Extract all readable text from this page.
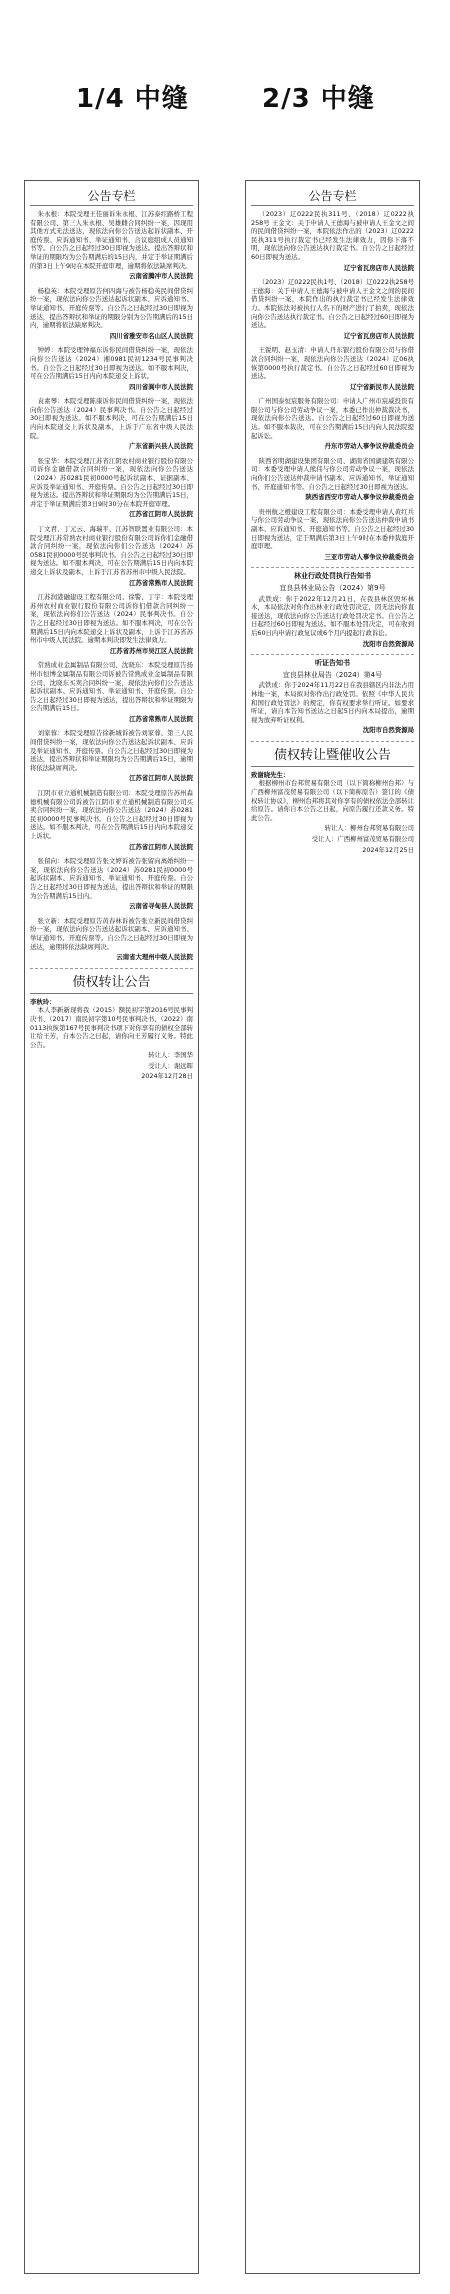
1/4 中缝	2/3 中缝
公告专栏

朱永根：本院受理王佳丽诉朱永根、江苏泰红路桥工程有限公司、第三人朱永根、吴雄雌合同纠纷一案，因现用其他方式无法送达，现依法向你公告送达起诉状副本、开庭传票、应诉通知书、举证通知书、合议庭组成人员通知书等。自公告之日起经过30日即视为送达。提出答辩状和举证的期限均为公告期满后的15日内，并定于举证期满后的第3日上午9时在本院开庭审理，逾期将依法缺席判决。

云南省腾冲市人民法院

杨稳英：本院受理原告何四海与被告杨稳英民间借贷纠纷一案，现依法向你公告送达起诉状副本、应诉通知书、举证通知书、开庭传票等。自公告之日起经过30日即视为送达，提出答辩状和举证的期限分别为公告期满后的15日内，逾期将依法缺席判决。

四川省雅安市名山区人民法院

钟婷：本院受理钟福东诉你民间借贷纠纷一案，现依法向你公告送达（2024）湘0981民初1234号民事判决书。自公告之日起经过30日即视为送达。如不服本判决，可在公告期满后15日内向本院递交上诉状。

四川省阆中市人民法院

袁素琴：本院受理陈康诉你民间借贷纠纷一案，现依法向你公告送达（2024）民事判决书。自公告之日起经过30日即视为送达。如不服本判决，可在公告期满后15日内向本院递交上诉状及副本，上诉于广东省中级人民法院。

广东省新兴县人民法院

张宝华：本院受理江苏省江阴农村商业银行股份有限公司诉你金融借款合同纠纷一案，现依法向你公告送达（2024）苏0281民初0000号起诉状副本、证据副本、应诉及举证通知书、开庭传票。自公告之日起经过30日即视为送达。提出答辩状和举证期限均为公告期满后15日，并定于举证期满后第3日9时30分在本院开庭审理。

江苏省江阴市人民法院

丁文君、丁元云、海瑞平、江苏智联置业有限公司：本院受理江苏常熟农村商业银行股份有限公司诉你们金融借款合同纠纷一案，现依法向你们公告送达（2024）苏0581民初0000号民事判决书。自公告之日起经过30日即视为送达。如不服本判决，可在公告期满后15日内向本院递交上诉状及副本，上诉于江苏省苏州市中级人民法院。

江苏省常熟市人民法院

江苏润港融建设工程有限公司、徐警、丁宇：本院受理苏州农村商业银行股份有限公司诉你们借款合同纠纷一案，现依法向你们公告送达（2024）民事判决书。自公告之日起经过30日即视为送达。如不服本判决，可在公告期满后15日内向本院递交上诉状及副本，上诉于江苏省苏州市中级人民法院。逾期本判决即发生法律效力。

江苏省苏州市吴江区人民法院

常熟成业金属制品有限公司、沈晓东：本院受理原告扬州市恒博金属制品有限公司诉被告常熟成业金属制品有限公司、沈晓东买卖合同纠纷一案，现依法向你们公告送达起诉状副本、应诉通知书、举证通知书、开庭传票。自公告之日起经过30日即视为送达，提出答辩状和举证期限为公告期满后15日。

江苏省常熟市人民法院

刘家蓉：本院受理原告徐新城诉被告刘家蓉、第三人民间借贷纠纷一案，现依法向你公告送达起诉状副本、应诉及举证通知书、开庭传票。自公告之日起经过30日即视为送达，提出答辩状和举证期限均为公告期满后15日，逾期将依法缺席判决。

江苏省江阴市人民法院

江阴市亚立通机械制造有限公司：本院受理原告苏州森德机械有限公司诉被告江阴市亚立通机械制造有限公司买卖合同纠纷一案，现依法向你公告送达（2024）苏0281民初0000号民事判决书。自公告之日起经过30日即视为送达。如不服本判决，可在公告期满后15日内向本院递交上诉状。

江苏省江阴市人民法院

张留向：本院受理原告张文婷诉被告张留向离婚纠纷一案，现依法向你公告送达（2024）苏0281民初0000号起诉状副本、应诉通知书、举证通知书、开庭传票。自公告之日起经过30日即视为送达，提出答辩状和举证的期限为公告期满后15日内。

云南省寻甸县人民法院

张立新：本院受理原告黄春林诉被告张立新民间借贷纠纷一案，现依法向你公告送达起诉状副本、应诉通知书、举证通知书、开庭传票等。自公告之日起经过30日即视为送达，逾期将依法缺席判决。

云南省大理州中级人民法院
债权转让公告
李秋玲：

本人李新新现将我（2015）额民初字第2016号民事判决书、（2017）南民初字第10号民事判决书、（2022）南0113执恢第167号民事判决书项下对你享有的债权全部转让给王芳，自本公告之日起，请你向王芳履行义务。特此公告。

转让人：李国华
受让人：谢远晖
2024年12月28日
公告专栏

（2023）辽0222民执311号、（2018）辽0222执258号 王金文：关于申请人王德海与被申请人王金文之间的民间借贷纠纷一案，本院依法作出的（2023）辽0222民执311号执行裁定书已经发生法律效力，因你下落不明，现依法向你公告送达执行裁定书。自公告之日起经过60日即视为送达。

辽宁省瓦房店市人民法院

（2023）辽0222民执1号、（2018）辽0222执258号 王德海：关于申请人王德海与被申请人王金文之间的民间借贷纠纷一案，本院作出的执行裁定书已经发生法律效力。本院依法对被执行人名下的财产进行了拍卖，现依法向你公告送达执行裁定书。自公告之日起经过60日即视为送达。

辽宁省瓦房店市人民法院

王锐明、赵玉清：申请人丹东银行股份有限公司与你借款合同纠纷一案，现依法向你公告送达（2024）辽06执恢第0000号执行裁定书。自公告之日起经过60日即视为送达。

辽宁省新民市人民法院

广州国泰恒宸服务有限公司：申请人广州市宸威投资有限公司与你公司劳动争议一案，本委已作出仲裁裁决书，现依法向你公告送达。自公告之日起经过60日即视为送达。如不服本裁决，可在公告期满后15日内向人民法院提起诉讼。

丹东市劳动人事争议仲裁委员会

陕西省明湖建设集团有限公司、湖南省国湖建筑有限公司：本委受理申请人熊伟与你公司劳动争议一案，现依法向你们公告送达仲裁申请书副本、应诉通知书、举证通知书、开庭通知书等。自公告之日起经过30日即视为送达。

陕西省西安市劳动人事争议仲裁委员会

贵州航之橙建设工程有限公司：本委受理申请人黄红兵与你公司劳动争议一案，现依法向你公告送达仲裁申请书副本、应诉通知书、开庭通知书等。自公告之日起经过30日即视为送达，定于期满后第3日上午9时在本委仲裁庭开庭审理。

三亚市劳动人事争议仲裁委员会
林业行政处罚执行告知书
宜良县林业局公告（2024）第9号

武铁成：你于2022年12月21日，在我县林区毁坏林木，本局依法对你作出林业行政处罚决定，因无法向你直接送达，现依法向你公告送达行政处罚决定书。自公告之日起经过60日即视为送达。如不服本处罚决定，可在收到后60日内申请行政复议或6个月内提起行政诉讼。

沈阳市自然资源局
听证告知书
宜良县林业局告（2024）第4号

武铁成：你于2024年11月22日在我县辖区内非法占用林地一案，本局拟对你作出行政处罚。依照《中华人民共和国行政处罚法》的规定，你有权要求举行听证。如要求听证，请自本告知书送达之日起5日内向本局提出，逾期视为放弃听证权利。

沈阳市自然资源局
债权转让暨催收公告
致谢晓先生：

根据柳州市台邦贸易有限公司（以下简称柳州台邦）与广西柳州富茂贸易有限公司（以下简称原告）签订的《债权转让协议》，柳州台邦将其对你享有的债权依法全部转让给原告。请你自本公告之日起，向原告履行还款义务。特此公告。

转让人：柳州台邦贸易有限公司
受让人：广西柳州富茂贸易有限公司
2024年12月25日
